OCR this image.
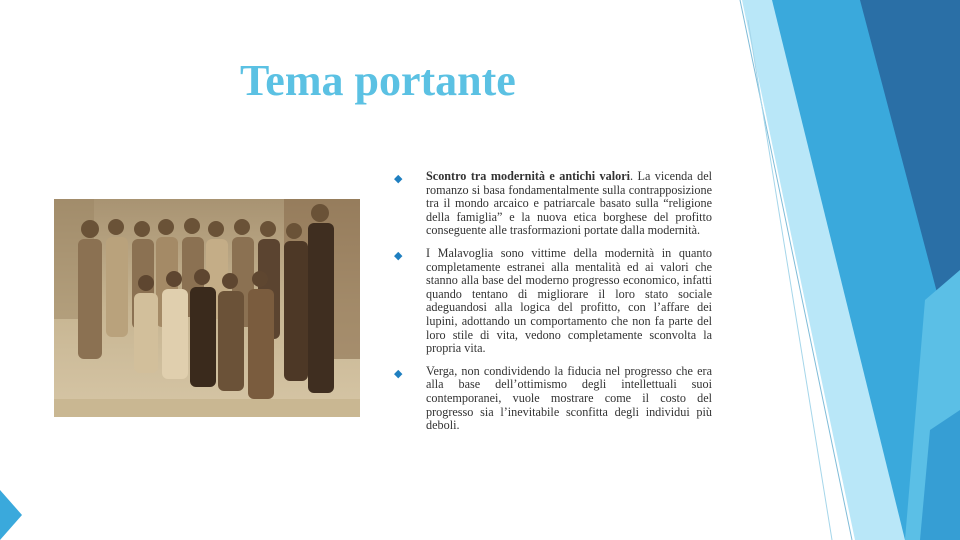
Tema portante
◆ Scontro tra modernità e antichi valori. La vicenda del romanzo si basa fondamentalmente sulla contrapposizione tra il mondo arcaico e patriarcale basato sulla “religione della famiglia” e la nuova etica borghese del profitto conseguente alle trasformazioni portate dalla modernità.
◆ I Malavoglia sono vittime della modernità in quanto completamente estranei alla mentalità ed ai valori che stanno alla base del moderno progresso economico, infatti quando tentano di migliorare il loro stato sociale adeguandosi alla logica del profitto, con l’affare dei lupini, adottando un comportamento che non fa parte del loro stile di vita, vedono completamente sconvolta la propria vita.
◆ Verga, non condividendo la fiducia nel progresso che era alla base dell’ottimismo degli intellettuali suoi contemporanei, vuole mostrare come il costo del progresso sia l’inevitabile sconfitta degli individui più deboli.
